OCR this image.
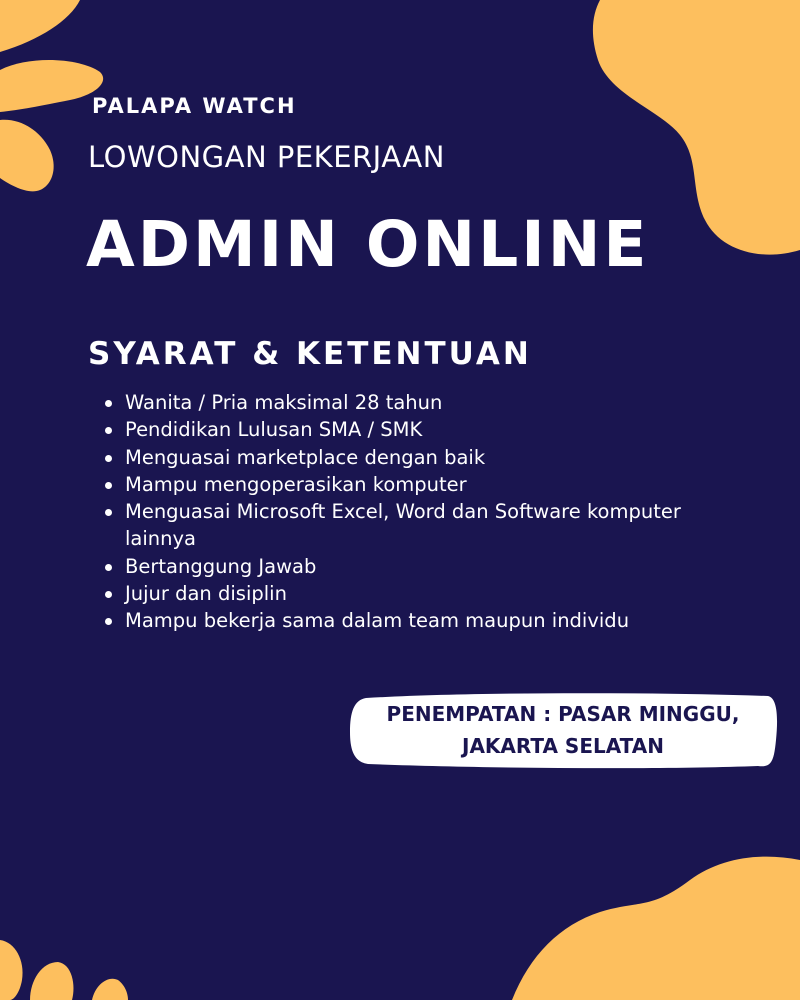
PALAPA WATCH
LOWONGAN PEKERJAAN
ADMIN ONLINE
SYARAT & KETENTUAN
Wanita / Pria maksimal 28 tahun
Pendidikan Lulusan SMA / SMK
Menguasai marketplace dengan baik
Mampu mengoperasikan komputer
Menguasai Microsoft Excel, Word dan Software komputer lainnya
Bertanggung Jawab
Jujur dan disiplin
Mampu bekerja sama dalam team maupun individu
PENEMPATAN : PASAR MINGGU,
JAKARTA SELATAN
